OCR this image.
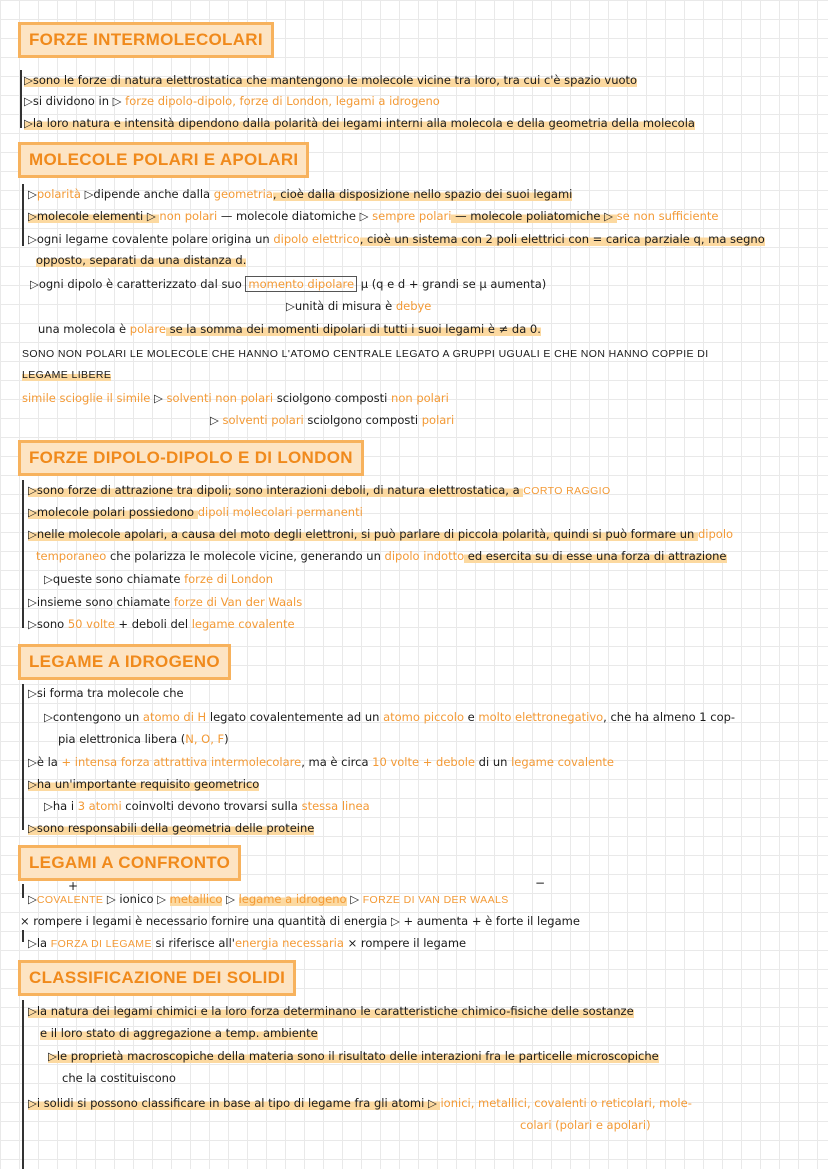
FORZE INTERMOLECOLARI
▷sono le forze di natura elettrostatica che mantengono le molecole vicine tra loro, tra cui c'è spazio vuoto
▷si dividono in ▷ forze dipolo-dipolo, forze di London, legami a idrogeno
▷la loro natura e intensità dipendono dalla polarità dei legami interni alla molecola e della geometria della molecola
MOLECOLE POLARI E APOLARI
▷polarità ▷dipende anche dalla geometria, cioè dalla disposizione nello spazio dei suoi legami
▷molecole elementi ▷ non polari — molecole diatomiche ▷ sempre polari — molecole poliatomiche ▷ se non sufficiente
▷ogni legame covalente polare origina un dipolo elettrico, cioè un sistema con 2 poli elettrici con = carica parziale q, ma segno
opposto, separati da una distanza d.
▷ogni dipolo è caratterizzato dal suo momento dipolare μ (q e d + grandi se μ aumenta)
▷unità di misura è debye
una molecola è polare se la somma dei momenti dipolari di tutti i suoi legami è ≠ da 0.
SONO NON POLARI LE MOLECOLE CHE HANNO L'ATOMO CENTRALE LEGATO A GRUPPI UGUALI E CHE NON HANNO COPPIE DI
LEGAME LIBERE
simile scioglie il simile ▷ solventi non polari sciolgono composti non polari
▷ solventi polari sciolgono composti polari
FORZE DIPOLO-DIPOLO E DI LONDON
▷sono forze di attrazione tra dipoli; sono interazioni deboli, di natura elettrostatica, a CORTO RAGGIO
▷molecole polari possiedono dipoli molecolari permanenti
▷nelle molecole apolari, a causa del moto degli elettroni, si può parlare di piccola polarità, quindi si può formare un dipolo
temporaneo che polarizza le molecole vicine, generando un dipolo indotto ed esercita su di esse una forza di attrazione
▷queste sono chiamate forze di London
▷insieme sono chiamate forze di Van der Waals
▷sono 50 volte + deboli del legame covalente
LEGAME A IDROGENO
▷si forma tra molecole che
▷contengono un atomo di H legato covalentemente ad un atomo piccolo e molto elettronegativo, che ha almeno 1 cop-
pia elettronica libera (N, O, F)
▷è la + intensa forza attrattiva intermolecolare, ma è circa 10 volte + debole di un legame covalente
▷ha un'importante requisito geometrico
▷ha i 3 atomi coinvolti devono trovarsi sulla stessa linea
▷sono responsabili della geometria delle proteine
LEGAMI A CONFRONTO
+	−
▷COVALENTE ▷ ionico ▷ metallico ▷ legame a idrogeno ▷ FORZE DI VAN DER WAALS
× rompere i legami è necessario fornire una quantità di energia ▷ + aumenta + è forte il legame
▷la FORZA DI LEGAME si riferisce all'energia necessaria × rompere il legame
CLASSIFICAZIONE DEI SOLIDI
▷la natura dei legami chimici e la loro forza determinano le caratteristiche chimico-fisiche delle sostanze
e il loro stato di aggregazione a temp. ambiente
▷le proprietà macroscopiche della materia sono il risultato delle interazioni fra le particelle microscopiche
che la costituiscono
▷i solidi si possono classificare in base al tipo di legame fra gli atomi ▷ ionici, metallici, covalenti o reticolari, mole-
colari (polari e apolari)
